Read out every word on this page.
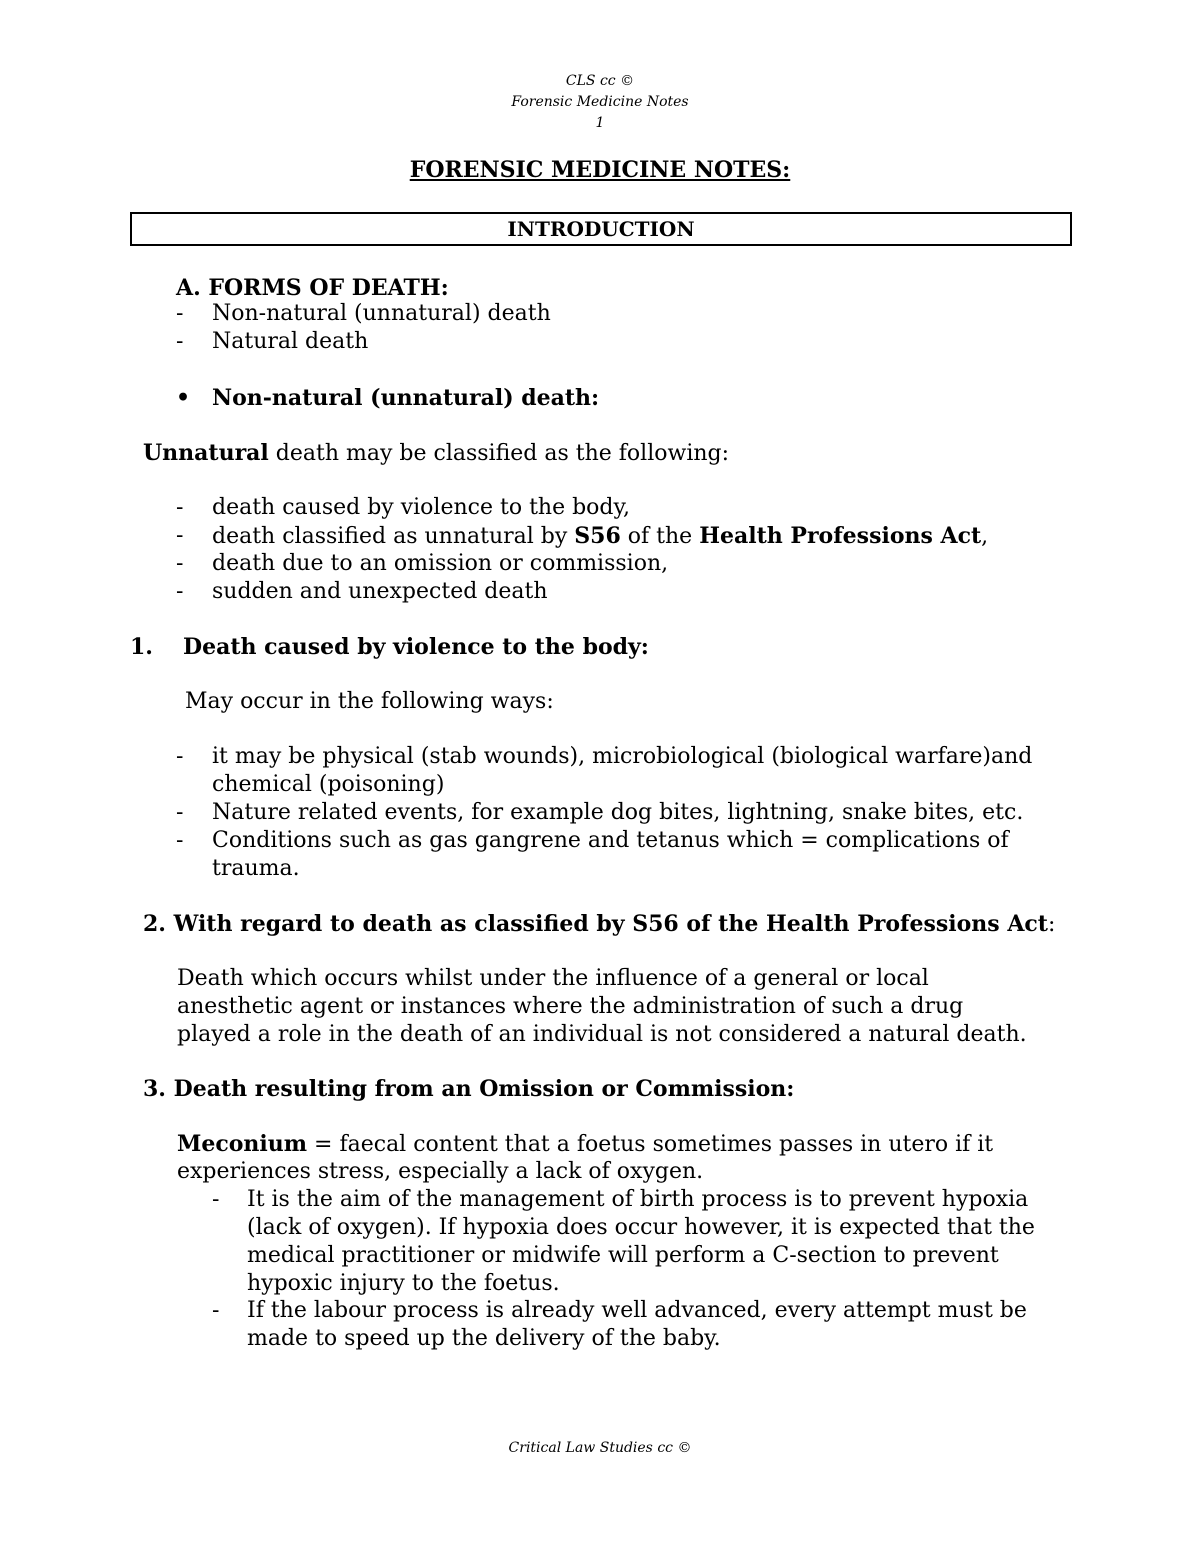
CLS cc ©
Forensic Medicine Notes
1
FORENSIC MEDICINE NOTES:
INTRODUCTION
A. FORMS OF DEATH:
- Non-natural (unnatural) death
- Natural death
• Non-natural (unnatural) death:
Unnatural death may be classified as the following:
- death caused by violence to the body,
- death classified as unnatural by S56 of the Health Professions Act,
- death due to an omission or commission,
- sudden and unexpected death
1. Death caused by violence to the body:
May occur in the following ways:
- it may be physical (stab wounds), microbiological (biological warfare)and
chemical (poisoning)
- Nature related events, for example dog bites, lightning, snake bites, etc.
- Conditions such as gas gangrene and tetanus which = complications of
trauma.
2. With regard to death as classified by S56 of the Health Professions Act:
Death which occurs whilst under the influence of a general or local
anesthetic agent or instances where the administration of such a drug
played a role in the death of an individual is not considered a natural death.
3. Death resulting from an Omission or Commission:
Meconium = faecal content that a foetus sometimes passes in utero if it
experiences stress, especially a lack of oxygen.
- It is the aim of the management of birth process is to prevent hypoxia
(lack of oxygen). If hypoxia does occur however, it is expected that the
medical practitioner or midwife will perform a C-section to prevent
hypoxic injury to the foetus.
- If the labour process is already well advanced, every attempt must be
made to speed up the delivery of the baby.
Critical Law Studies cc ©
